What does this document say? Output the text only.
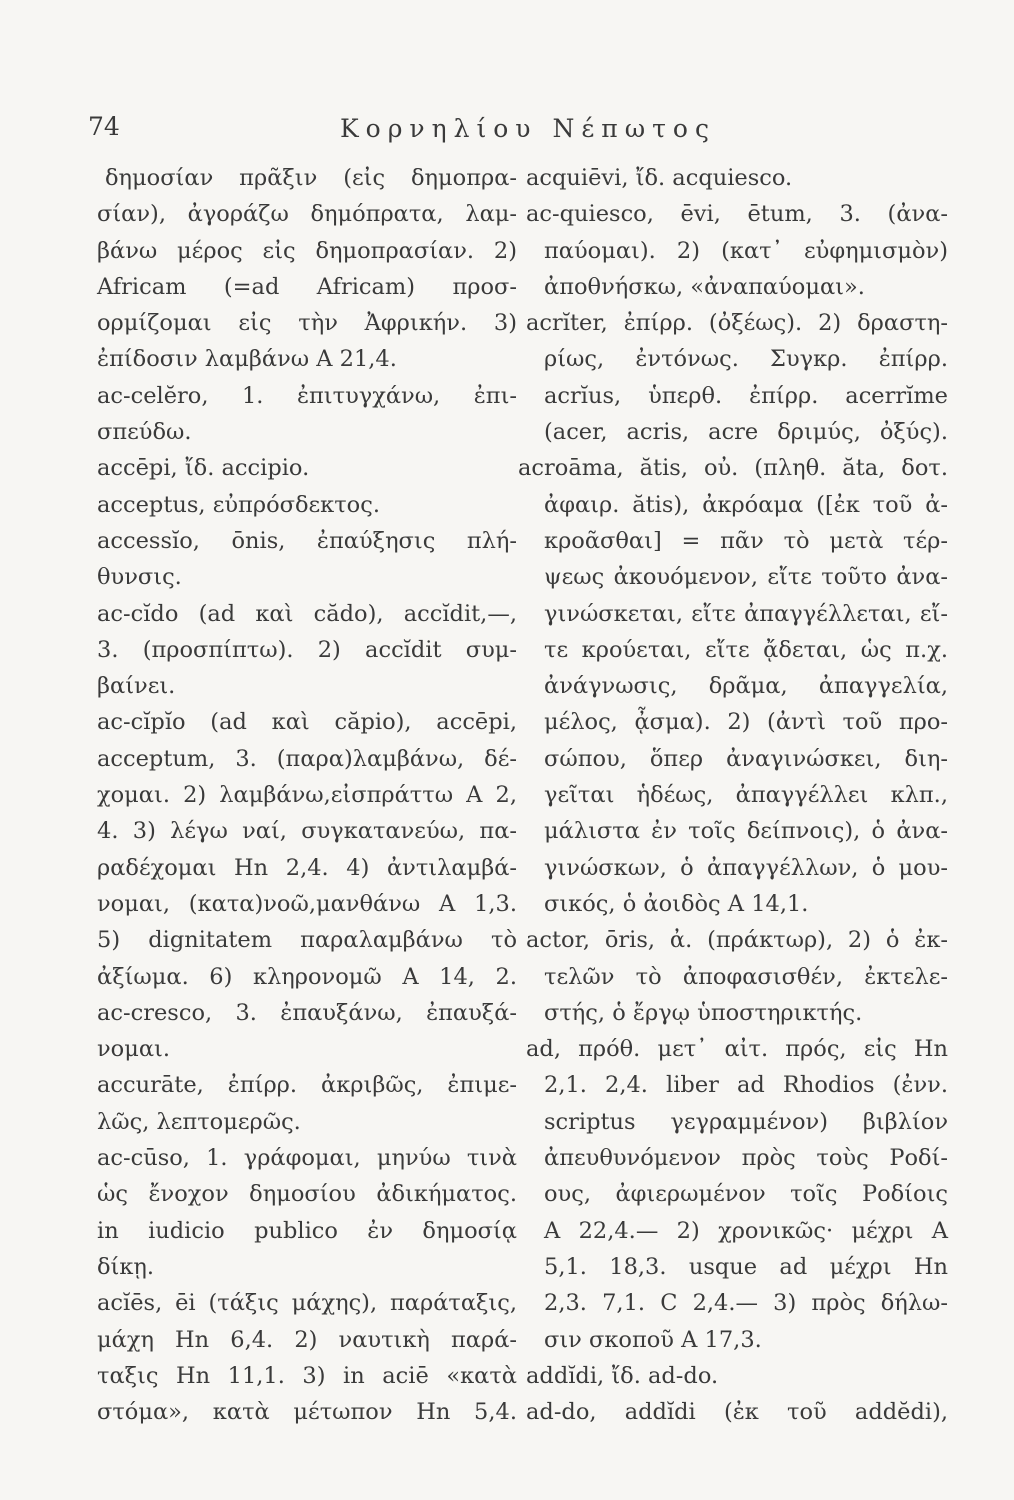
74	Κορνηλίου Νέπωτος
δημοσίαν πρᾶξιν (εἰς δημοπρα-
σίαν), ἀγοράζω δημόπρατα, λαμ-
βάνω μέρος εἰς δημοπρασίαν. 2)
Africam (=ad Africam) προσ-
ορμίζομαι εἰς τὴν Ἀφρικήν. 3)
ἐπίδοσιν λαμβάνω A 21,4.
ac-celĕro, 1. ἐπιτυγχάνω, ἐπι-
σπεύδω.
accēpi, ἴδ. accipio.
acceptus, εὐπρόσδεκτος.
accessĭo, ōnis, ἐπαύξησις πλή-
θυνσις.
ac-cĭdo (ad καὶ cădo), accĭdit,—,
3. (προσπίπτω). 2) accĭdit συμ-
βαίνει.
ac-cĭpĭo (ad καὶ căpio), accēpi,
acceptum, 3. (παρα)λαμβάνω, δέ-
χομαι. 2) λαμβάνω,εἰσπράττω A 2,
4. 3) λέγω ναί, συγκατανεύω, πα-
ραδέχομαι Hn 2,4. 4) ἀντιλαμβά-
νομαι, (κατα)νοῶ,μανθάνω A 1,3.
5) dignitatem παραλαμβάνω τὸ
ἀξίωμα. 6) κληρονομῶ A 14, 2.
ac-cresco, 3. ἐπαυξάνω, ἐπαυξά-
νομαι.
accurāte, ἐπίρρ. ἀκριβῶς, ἐπιμε-
λῶς, λεπτομερῶς.
ac-cūso, 1. γράφομαι, μηνύω τινὰ
ὡς ἔνοχον δημοσίου ἀδικήματος.
in iudicio publico ἐν δημοσίᾳ
δίκῃ.
acĭēs, ēi (τάξις μάχης), παράταξις,
μάχη Hn 6,4. 2) ναυτικὴ παρά-
ταξις Hn 11,1. 3) in aciē «κατὰ
στόμα», κατὰ μέτωπον Hn 5,4.
acquiēvi, ἴδ. acquiesco.
ac-quiesco, ēvi, ētum, 3. (ἀνα-
παύομαι). 2) (κατ᾽ εὐφημισμὸν)
ἀποθνήσκω, «ἀναπαύομαι».
acrĭter, ἐπίρρ. (ὀξέως). 2) δραστη-
ρίως, ἐντόνως. Συγκρ. ἐπίρρ.
acrĭus, ὑπερθ. ἐπίρρ. acerrĭme
(acer, acris, acre δριμύς, ὀξύς).
acroāma, ătis, οὐ. (πληθ. ăta, δοτ.
ἀφαιρ. ătis), ἀκρόαμα ([ἐκ τοῦ ἀ-
κροᾶσθαι] = πᾶν τὸ μετὰ τέρ-
ψεως ἀκουόμενον, εἴτε τοῦτο ἀνα-
γινώσκεται, εἴτε ἀπαγγέλλεται, εἴ-
τε κρούεται, εἴτε ᾄδεται, ὡς π.χ.
ἀνάγνωσις, δρᾶμα, ἀπαγγελία,
μέλος, ᾆσμα). 2) (ἀντὶ τοῦ προ-
σώπου, ὅπερ ἀναγινώσκει, διη-
γεῖται ἡδέως, ἀπαγγέλλει κλπ.,
μάλιστα ἐν τοῖς δείπνοις), ὁ ἀνα-
γινώσκων, ὁ ἀπαγγέλλων, ὁ μου-
σικός, ὁ ἀοιδὸς A 14,1.
actor, ōris, ἀ. (πράκτωρ), 2) ὁ ἐκ-
τελῶν τὸ ἀποφασισθέν, ἐκτελε-
στής, ὁ ἔργῳ ὑποστηρικτής.
ad, πρόθ. μετ᾽ αἰτ. πρός, εἰς Hn
2,1. 2,4. liber ad Rhodios (ἐνν.
scriptus γεγραμμένον) βιβλίον
ἀπευθυνόμενον πρὸς τοὺς Ροδί-
ους, ἀφιερωμένον τοῖς Ροδίοις
A 22,4.— 2) χρονικῶς· μέχρι A
5,1. 18,3. usque ad μέχρι Hn
2,3. 7,1. C 2,4.— 3) πρὸς δήλω-
σιν σκοποῦ A 17,3.
addĭdi, ἴδ. ad-do.
ad-do, addĭdi (ἐκ τοῦ addĕdi),
